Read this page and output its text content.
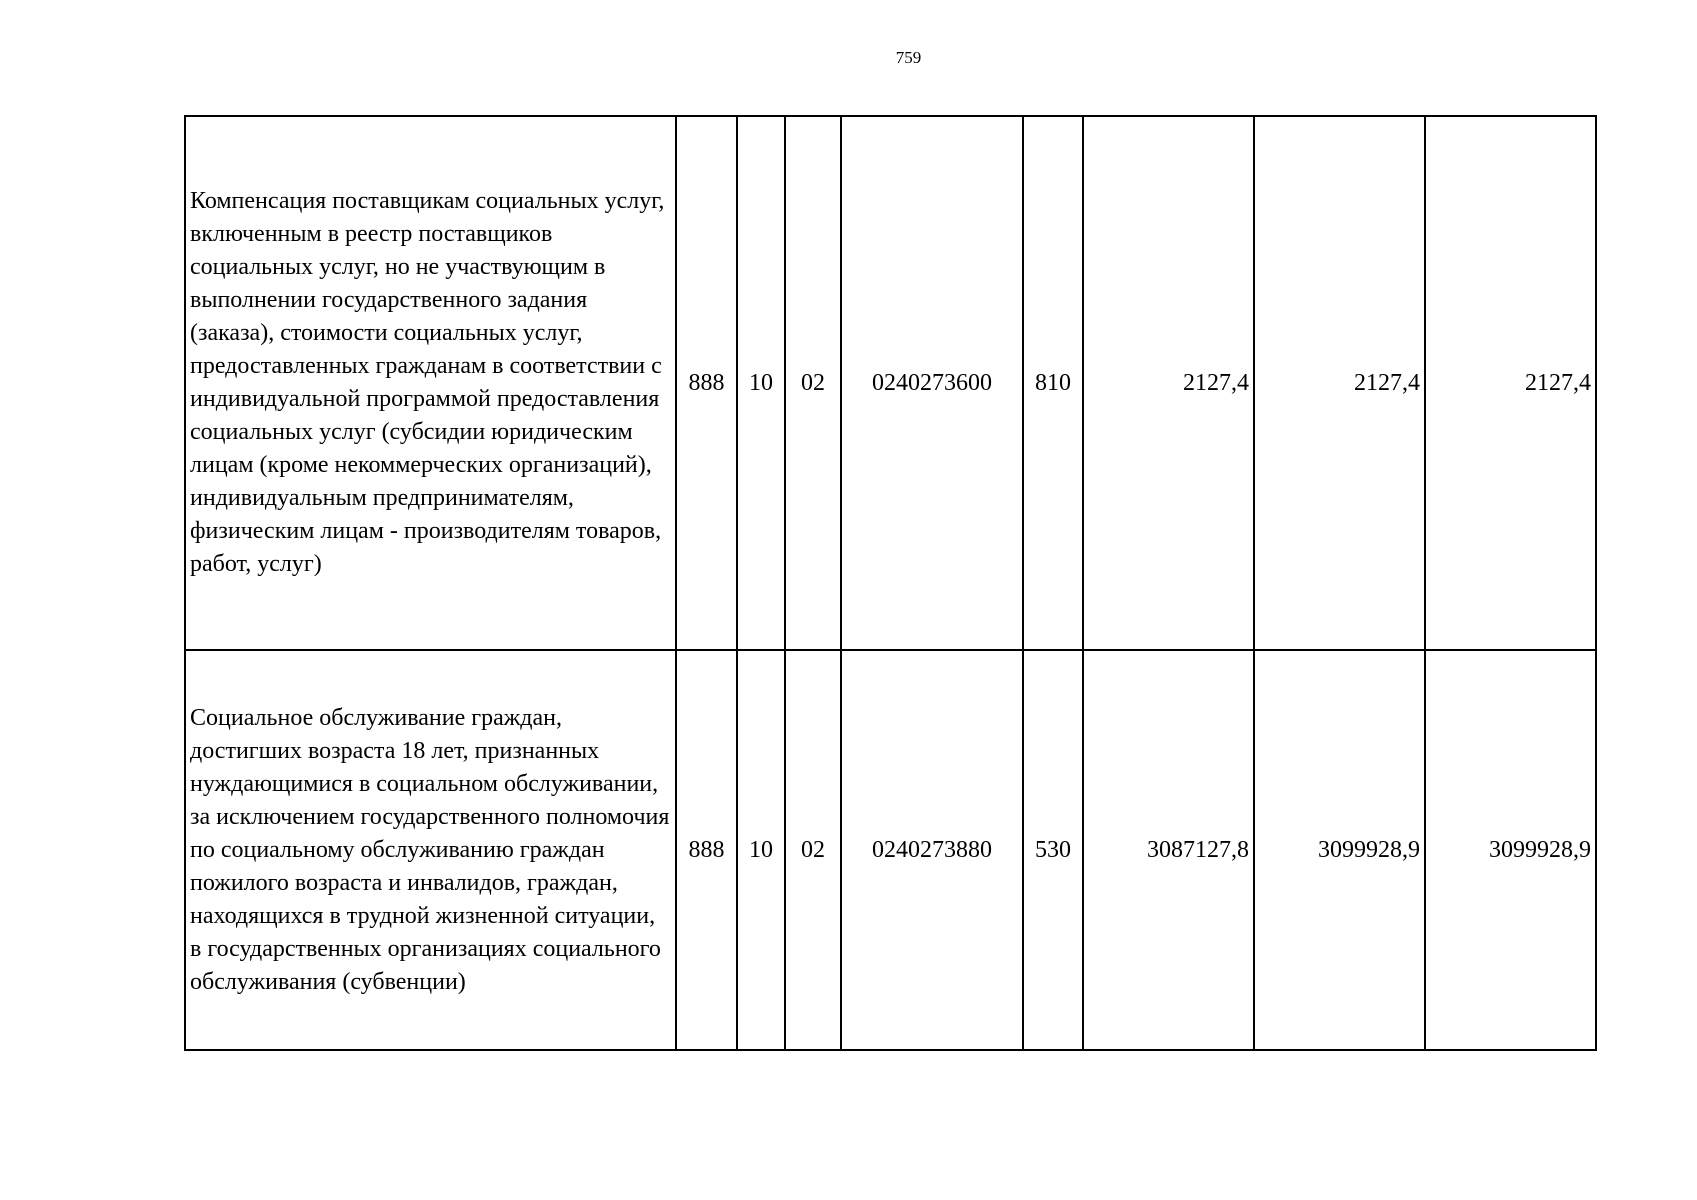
759
Компенсация поставщикам социальных услуг, включенным в реестр поставщиков социальных услуг, но не участвующим в выполнении государственного задания (заказа), стоимости социальных услуг, предоставленных гражданам в соответствии с индивидуальной программой предоставления социальных услуг (субсидии юридическим лицам (кроме некоммерческих организаций), индивидуальным предпринимателям, физическим лицам - производителям товаров, работ, услуг)	888	10	02	0240273600	810	2127,4	2127,4	2127,4
Социальное обслуживание граждан, достигших возраста 18 лет, признанных нуждающимися в социальном обслуживании, за исключением государственного полномочия по социальному обслуживанию граждан пожилого возраста и инвалидов, граждан, находящихся в трудной жизненной ситуации, в государственных организациях социального обслуживания (субвенции)	888	10	02	0240273880	530	3087127,8	3099928,9	3099928,9
